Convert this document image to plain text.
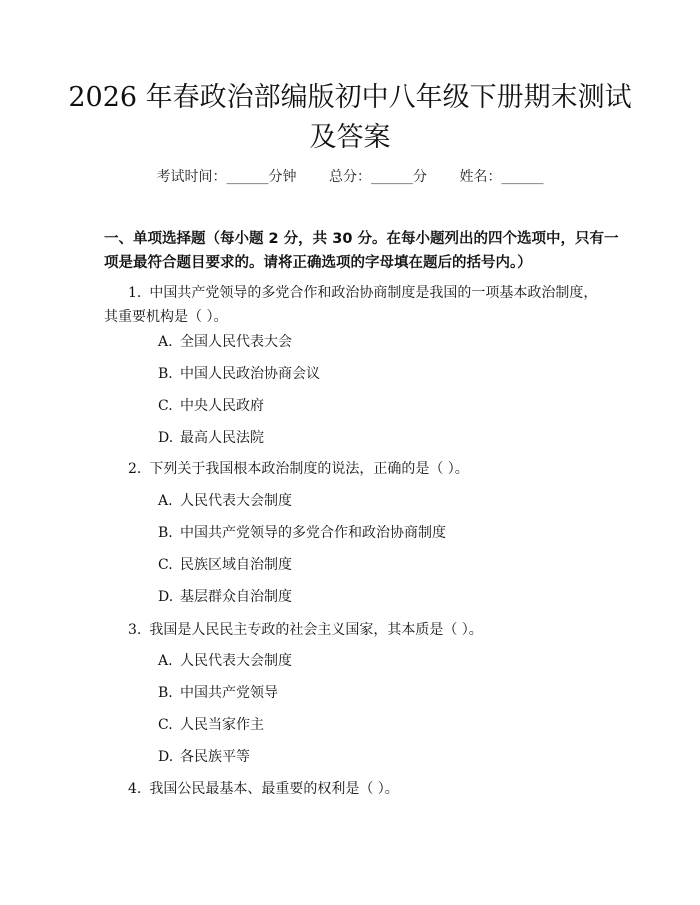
2026 年春政治部编版初中八年级下册期末测试及答案
考试时间：______分钟 总分：______分 姓名：______
一、单项选择题（每小题 2 分，共 30 分。在每小题列出的四个选项中，只有一项是最符合题目要求的。请将正确选项的字母填在题后的括号内。）
1. 中国共产党领导的多党合作和政治协商制度是我国的一项基本政治制度，
其重要机构是（ ）。
A. 全国人民代表大会
B. 中国人民政治协商会议
C. 中央人民政府
D. 最高人民法院
2. 下列关于我国根本政治制度的说法，正确的是（ ）。
A. 人民代表大会制度
B. 中国共产党领导的多党合作和政治协商制度
C. 民族区域自治制度
D. 基层群众自治制度
3. 我国是人民民主专政的社会主义国家，其本质是（ ）。
A. 人民代表大会制度
B. 中国共产党领导
C. 人民当家作主
D. 各民族平等
4. 我国公民最基本、最重要的权利是（ ）。
